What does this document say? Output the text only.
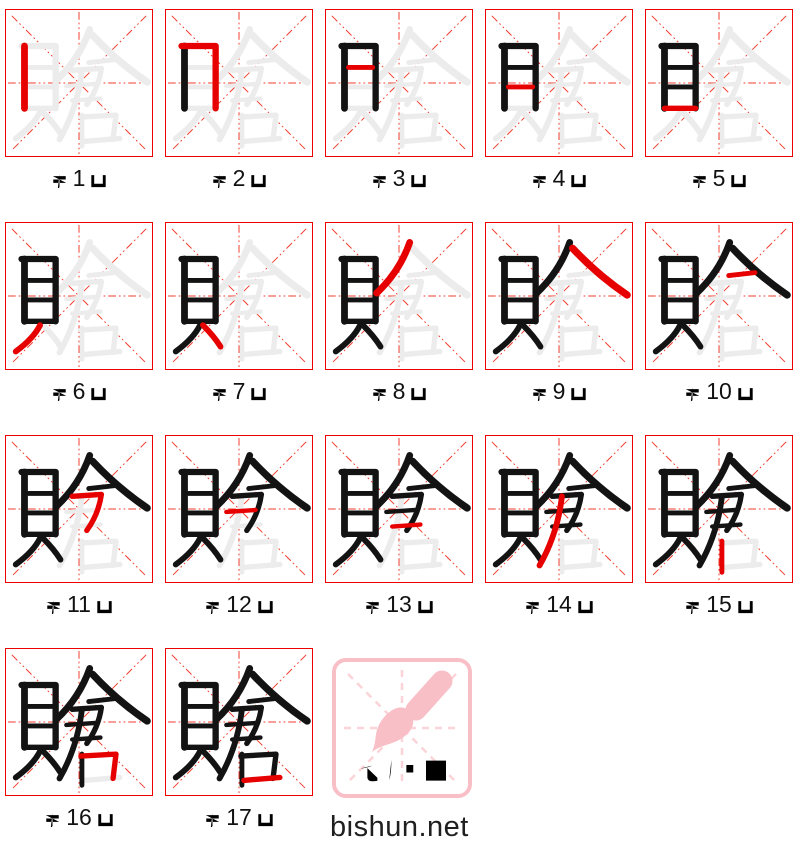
bishun.net
1	2	3	4	5
6	7	8	9	10
11	12	13	14	15
16	17
